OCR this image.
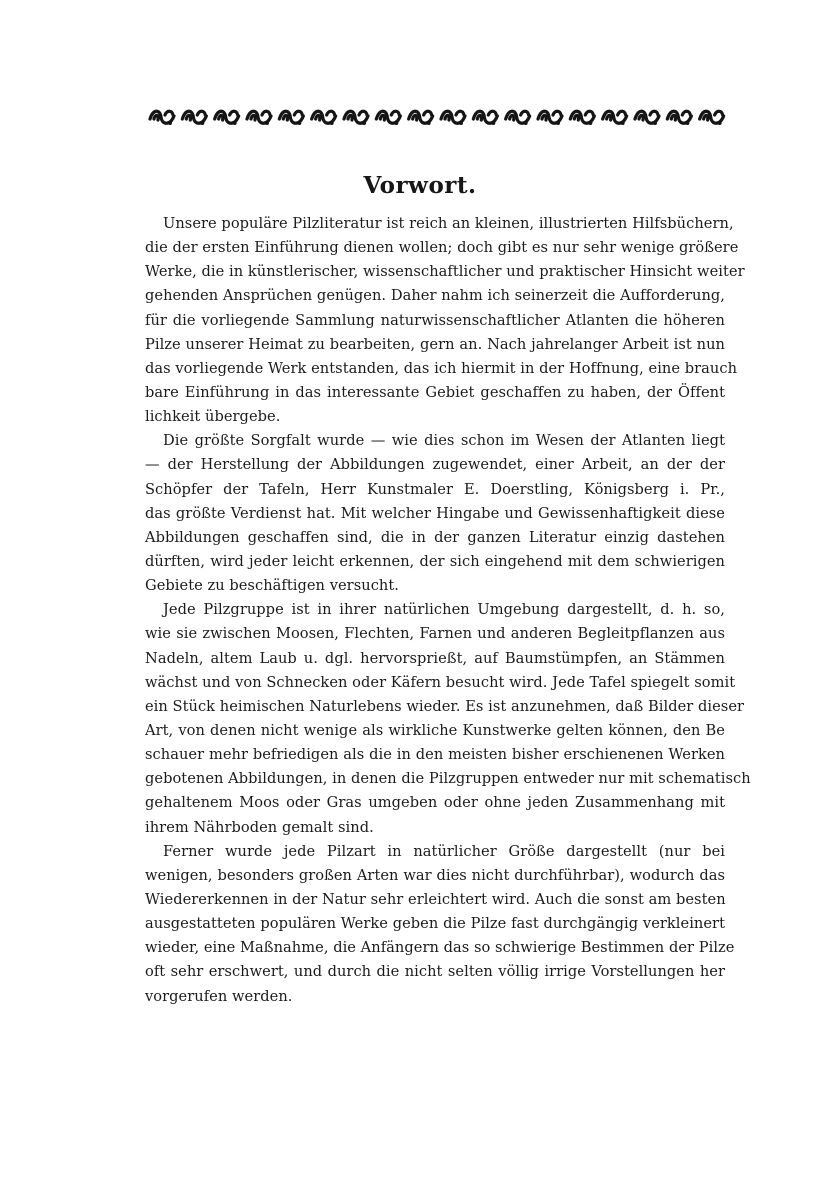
Vorwort.
Unsere populäre Pilzliteratur ist reich an kleinen, illustrierten Hilfsbüchern,
die der ersten Einführung dienen wollen; doch gibt es nur sehr wenige größere
Werke, die in künstlerischer, wissenschaftlicher und praktischer Hinsicht weiter
gehenden Ansprüchen genügen. Daher nahm ich seinerzeit die Aufforderung,
für die vorliegende Sammlung naturwissenschaftlicher Atlanten die höheren
Pilze unserer Heimat zu bearbeiten, gern an. Nach jahrelanger Arbeit ist nun
das vorliegende Werk entstanden, das ich hiermit in der Hoffnung, eine brauch
bare Einführung in das interessante Gebiet geschaffen zu haben, der Öffent
lichkeit übergebe.
Die größte Sorgfalt wurde — wie dies schon im Wesen der Atlanten liegt
— der Herstellung der Abbildungen zugewendet, einer Arbeit, an der der
Schöpfer der Tafeln, Herr Kunstmaler E. Doerstling, Königsberg i. Pr.,
das größte Verdienst hat. Mit welcher Hingabe und Gewissenhaftigkeit diese
Abbildungen geschaffen sind, die in der ganzen Literatur einzig dastehen
dürften, wird jeder leicht erkennen, der sich eingehend mit dem schwierigen
Gebiete zu beschäftigen versucht.
Jede Pilzgruppe ist in ihrer natürlichen Umgebung dargestellt, d. h. so,
wie sie zwischen Moosen, Flechten, Farnen und anderen Begleitpflanzen aus
Nadeln, altem Laub u. dgl. hervorsprießt, auf Baumstümpfen, an Stämmen
wächst und von Schnecken oder Käfern besucht wird. Jede Tafel spiegelt somit
ein Stück heimischen Naturlebens wieder. Es ist anzunehmen, daß Bilder dieser
Art, von denen nicht wenige als wirkliche Kunstwerke gelten können, den Be
schauer mehr befriedigen als die in den meisten bisher erschienenen Werken
gebotenen Abbildungen, in denen die Pilzgruppen entweder nur mit schematisch
gehaltenem Moos oder Gras umgeben oder ohne jeden Zusammenhang mit
ihrem Nährboden gemalt sind.
Ferner wurde jede Pilzart in natürlicher Größe dargestellt (nur bei
wenigen, besonders großen Arten war dies nicht durchführbar), wodurch das
Wiedererkennen in der Natur sehr erleichtert wird. Auch die sonst am besten
ausgestatteten populären Werke geben die Pilze fast durchgängig verkleinert
wieder, eine Maßnahme, die Anfängern das so schwierige Bestimmen der Pilze
oft sehr erschwert, und durch die nicht selten völlig irrige Vorstellungen her
vorgerufen werden.
